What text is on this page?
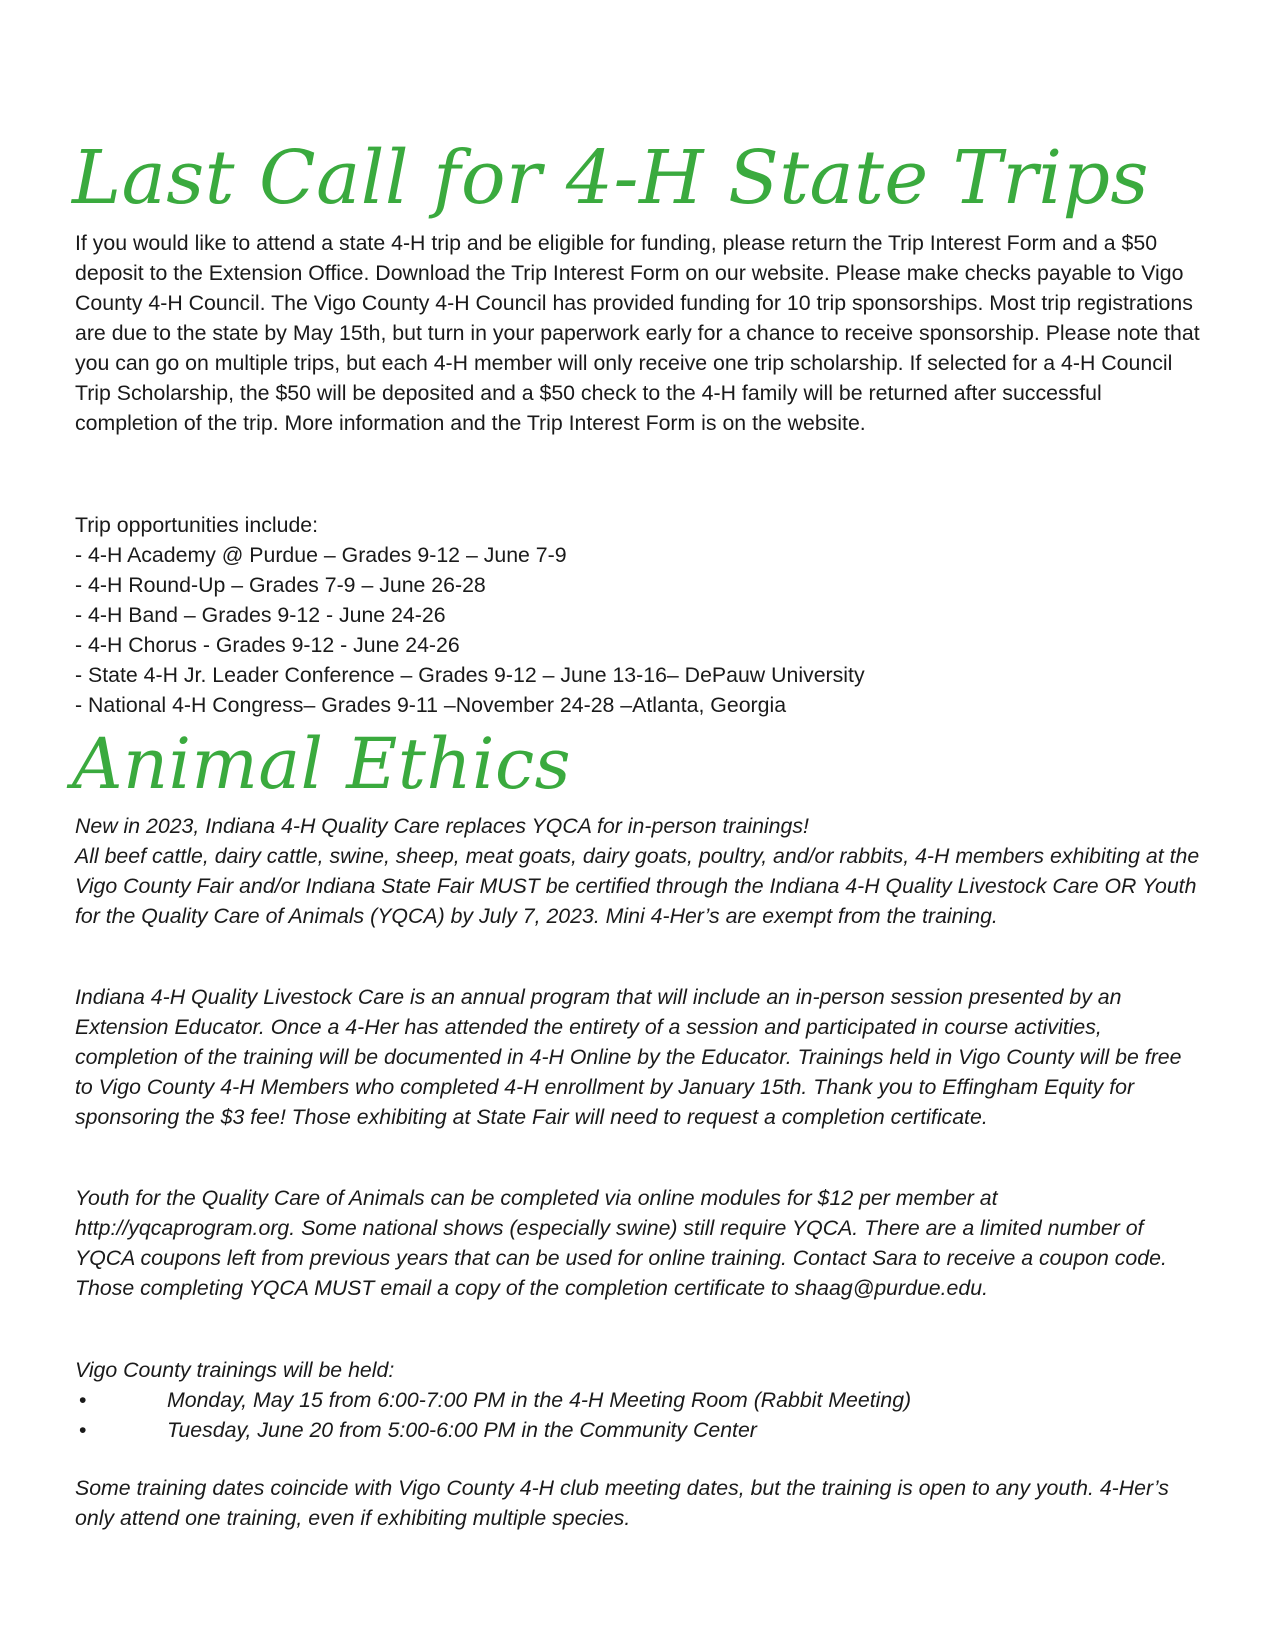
Last Call for 4-H State Trips

If you would like to attend a state 4-H trip and be eligible for funding, please return the Trip Interest Form and a $50 deposit to the Extension Office. Download the Trip Interest Form on our website. Please make checks payable to Vigo County 4-H Council. The Vigo County 4-H Council has provided funding for 10 trip sponsorships. Most trip registrations are due to the state by May 15th, but turn in your paperwork early for a chance to receive sponsorship. Please note that you can go on multiple trips, but each 4-H member will only receive one trip scholarship. If selected for a 4-H Council Trip Scholarship, the $50 will be deposited and a $50 check to the 4-H family will be returned after successful completion of the trip. More information and the Trip Interest Form is on the website.

Trip opportunities include:

- 4-H Academy @ Purdue – Grades 9-12 – June 7-9
- 4-H Round-Up – Grades 7-9 – June 26-28
- 4-H Band – Grades 9-12 - June 24-26
- 4-H Chorus - Grades 9-12 - June 24-26
- State 4-H Jr. Leader Conference – Grades 9-12 – June 13-16– DePauw University
- National 4-H Congress– Grades 9-11 –November 24-28 –Atlanta, Georgia
Animal Ethics

New in 2023, Indiana 4-H Quality Care replaces YQCA for in-person trainings!

All beef cattle, dairy cattle, swine, sheep, meat goats, dairy goats, poultry, and/or rabbits, 4-H members exhibiting at the Vigo County Fair and/or Indiana State Fair MUST be certified through the Indiana 4-H Quality Livestock Care OR Youth for the Quality Care of Animals (YQCA) by July 7, 2023. Mini 4-Her’s are exempt from the training.

Indiana 4-H Quality Livestock Care is an annual program that will include an in-person session presented by an Extension Educator. Once a 4-Her has attended the entirety of a session and participated in course activities, completion of the training will be documented in 4-H Online by the Educator. Trainings held in Vigo County will be free to Vigo County 4-H Members who completed 4-H enrollment by January 15th. Thank you to Effingham Equity for sponsoring the $3 fee! Those exhibiting at State Fair will need to request a completion certificate.

Youth for the Quality Care of Animals can be completed via online modules for $12 per member at http://yqcaprogram.org. Some national shows (especially swine) still require YQCA. There are a limited number of YQCA coupons left from previous years that can be used for online training. Contact Sara to receive a coupon code. Those completing YQCA MUST email a copy of the completion certificate to shaag@purdue.edu.

Vigo County trainings will be held:

•	Monday, May 15 from 6:00-7:00 PM in the 4-H Meeting Room (Rabbit Meeting)
•	Tuesday, June 20 from 5:00-6:00 PM in the Community Center

Some training dates coincide with Vigo County 4-H club meeting dates, but the training is open to any youth. 4-Her’s only attend one training, even if exhibiting multiple species.
